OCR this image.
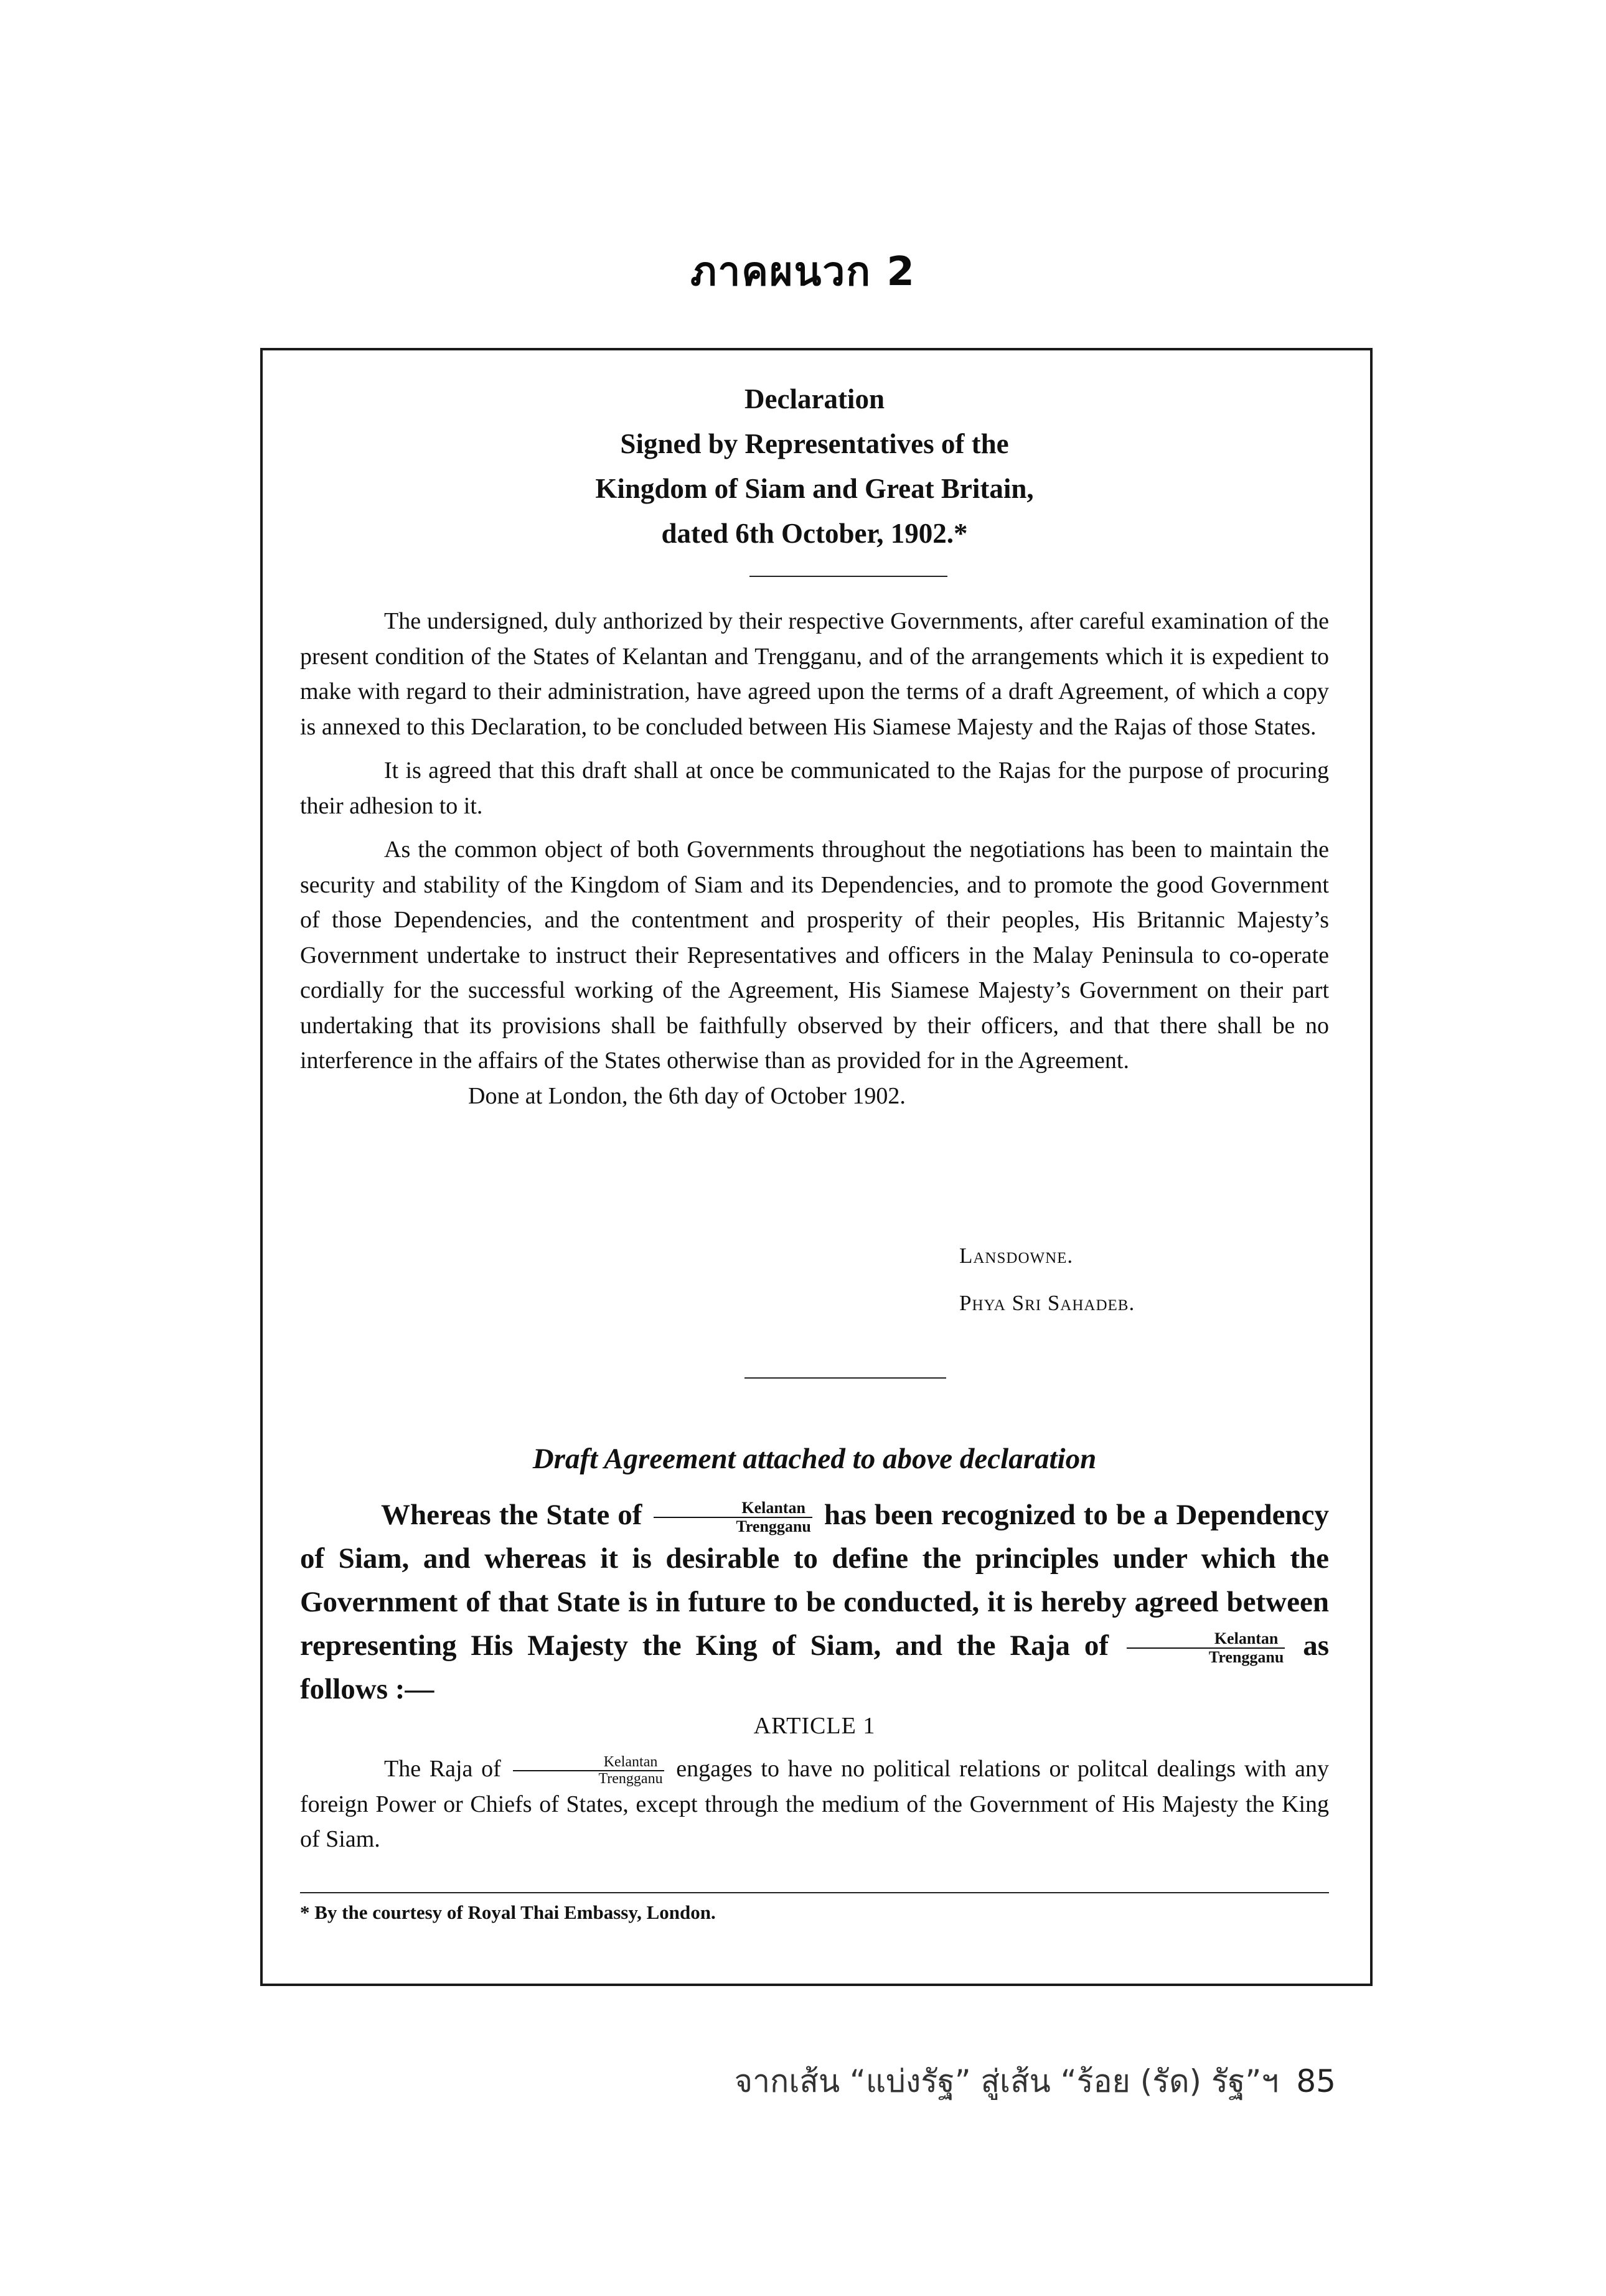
ภาคผนวก 2
Declaration
Signed by Representatives of the
Kingdom of Siam and Great Britain,
dated 6th October, 1902.*

The undersigned, duly anthorized by their respective Governments, after careful examination of the present condition of the States of Kelantan and Trengganu, and of the arrangements which it is expedient to make with regard to their administration, have agreed upon the terms of a draft Agreement, of which a copy is annexed to this Declaration, to be concluded between His Siamese Majesty and the Rajas of those States.

It is agreed that this draft shall at once be communicated to the Rajas for the purpose of procuring their adhesion to it.

As the common object of both Governments throughout the negotiations has been to maintain the security and stability of the Kingdom of Siam and its Dependencies, and to promote the good Government of those Dependencies, and the contentment and prosperity of their peoples, His Britannic Majesty’s Government undertake to instruct their Representatives and officers in the Malay Peninsula to co-operate cordially for the successful working of the Agreement, His Siamese Majesty’s Government on their part undertaking that its provisions shall be faithfully observed by their officers, and that there shall be no interference in the affairs of the States otherwise than as provided for in the Agreement.

Done at London, the 6th day of October 1902.

Lansdowne.
Phya Sri Sahadeb.
Draft Agreement attached to above declaration

Whereas the State of $\frac{\text{Kelantan}}{\text{Trengganu}}$ has been recognized to be a Dependency of Siam, and whereas it is desirable to define the principles under which the Government of that State is in future to be conducted, it is hereby agreed between representing His Majesty the King of Siam, and the Raja of $\frac{\text{Kelantan}}{\text{Trengganu}}$ as follows :—

ARTICLE 1

The Raja of $\frac{\text{Kelantan}}{\text{Trengganu}}$ engages to have no political relations or politcal dealings with any foreign Power or Chiefs of States, except through the medium of the Government of His Majesty the King of Siam.

* By the courtesy of Royal Thai Embassy, London.
จากเส้น “แบ่งรัฐ” สู่เส้น “ร้อย (รัด) รัฐ”ฯ 85
